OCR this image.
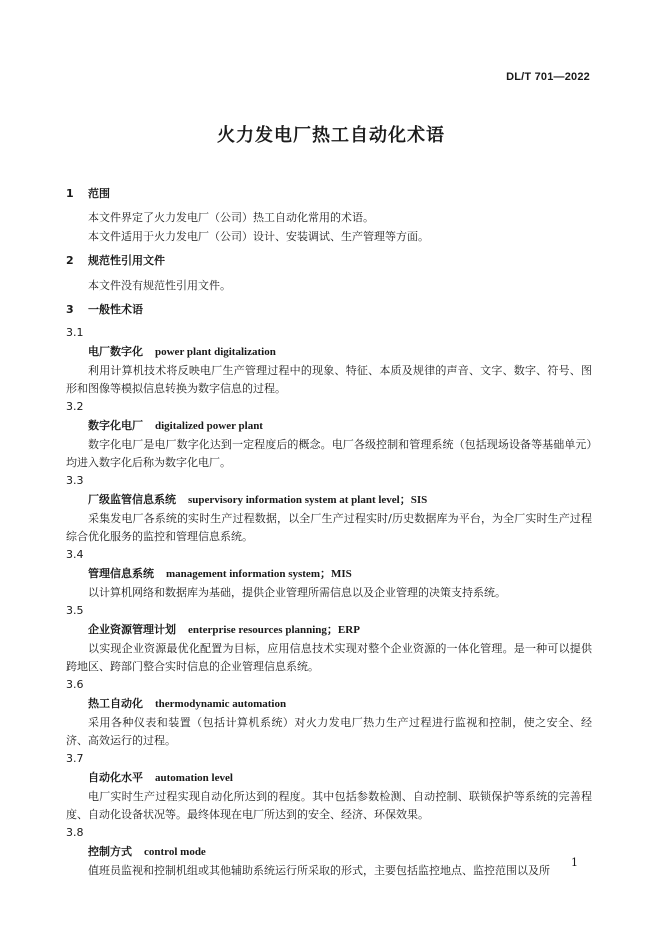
DL/T 701—2022
火力发电厂热工自动化术语
1 范围
本文件界定了火力发电厂（公司）热工自动化常用的术语。
本文件适用于火力发电厂（公司）设计、安装调试、生产管理等方面。
2 规范性引用文件
本文件没有规范性引用文件。
3 一般性术语
3.1
电厂数字化 power plant digitalization
利用计算机技术将反映电厂生产管理过程中的现象、特征、本质及规律的声音、文字、数字、符号、图形和图像等模拟信息转换为数字信息的过程。
3.2
数字化电厂 digitalized power plant
数字化电厂是电厂数字化达到一定程度后的概念。电厂各级控制和管理系统（包括现场设备等基础单元）均进入数字化后称为数字化电厂。
3.3
厂级监管信息系统 supervisory information system at plant level；SIS
采集发电厂各系统的实时生产过程数据，以全厂生产过程实时/历史数据库为平台，为全厂实时生产过程综合优化服务的监控和管理信息系统。
3.4
管理信息系统 management information system；MIS
以计算机网络和数据库为基础，提供企业管理所需信息以及企业管理的决策支持系统。
3.5
企业资源管理计划 enterprise resources planning；ERP
以实现企业资源最优化配置为目标，应用信息技术实现对整个企业资源的一体化管理。是一种可以提供跨地区、跨部门整合实时信息的企业管理信息系统。
3.6
热工自动化 thermodynamic automation
采用各种仪表和装置（包括计算机系统）对火力发电厂热力生产过程进行监视和控制，使之安全、经济、高效运行的过程。
3.7
自动化水平 automation level
电厂实时生产过程实现自动化所达到的程度。其中包括参数检测、自动控制、联锁保护等系统的完善程度、自动化设备状况等。最终体现在电厂所达到的安全、经济、环保效果。
3.8
控制方式 control mode
值班员监视和控制机组或其他辅助系统运行所采取的形式，主要包括监控地点、监控范围以及所
1
